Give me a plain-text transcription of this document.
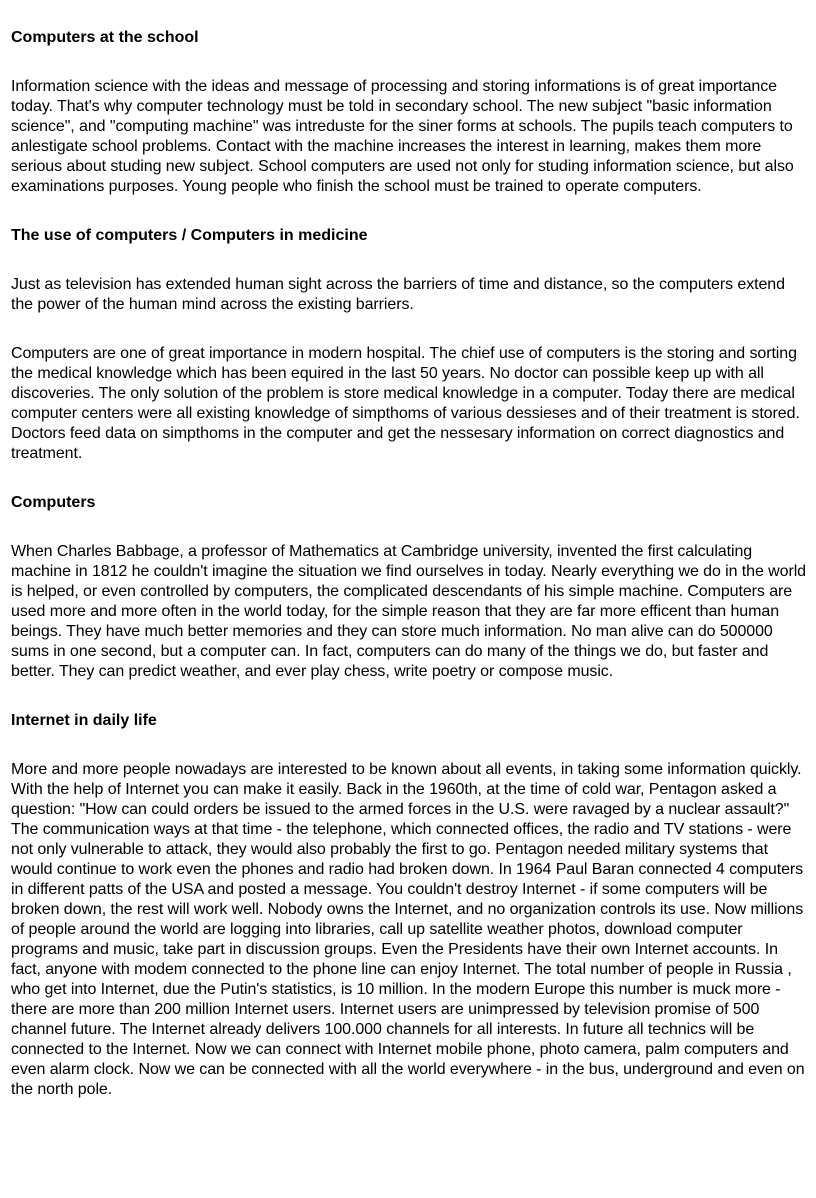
Computers at the school
Information science with the ideas and message of processing and storing informations is of great importance today. That's why computer technology must be told in secondary school. The new subject "basic information science", and "computing machine" was intreduste for the siner forms at schools. The pupils teach computers to anlestigate school problems. Contact with the machine increases the interest in learning, makes them more serious about studing new subject. School computers are used not only for studing information science, but also examinations purposes. Young people who finish the school must be trained to operate computers.
The use of computers / Computers in medicine
Just as television has extended human sight across the barriers of time and distance, so the computers extend the power of the human mind across the existing barriers.
Computers are one of great importance in modern hospital. The chief use of computers is the storing and sorting the medical knowledge which has been equired in the last 50 years. No doctor can possible keep up with all discoveries. The only solution of the problem is store medical knowledge in a computer. Today there are medical computer centers were all existing knowledge of simpthoms of various dessieses and of their treatment is stored. Doctors feed data on simpthoms in the computer and get the nessesary information on correct diagnostics and treatment.
Computers
When Charles Babbage, a professor of Mathematics at Cambridge university, invented the first calculating machine in 1812 he couldn't imagine the situation we find ourselves in today. Nearly everything we do in the world is helped, or even controlled by computers, the complicated descendants of his simple machine. Computers are used more and more often in the world today, for the simple reason that they are far more efficent than human beings. They have much better memories and they can store much information. No man alive can do 500000 sums in one second, but a computer can. In fact, computers can do many of the things we do, but faster and better. They can predict weather, and ever play chess, write poetry or compose music.
Internet in daily life
More and more people nowadays are interested to be known about all events, in taking some information quickly. With the help of Internet you can make it easily. Back in the 1960th, at the time of cold war, Pentagon asked a question: "How can could orders be issued to the armed forces in the U.S. were ravaged by a nuclear assault?" The communication ways at that time - the telephone, which connected offices, the radio and TV stations - were not only vulnerable to attack, they would also probably the first to go. Pentagon needed military systems that would continue to work even the phones and radio had broken down. In 1964 Paul Baran connected 4 computers in different patts of the USA and posted a message. You couldn't destroy Internet - if some computers will be broken down, the rest will work well. Nobody owns the Internet, and no organization controls its use. Now millions of people around the world are logging into libraries, call up satellite weather photos, download computer programs and music, take part in discussion groups. Even the Presidents have their own Internet accounts. In fact, anyone with modem connected to the phone line can enjoy Internet. The total number of people in Russia , who get into Internet, due the Putin's statistics, is 10 million. In the modern Europe this number is muck more - there are more than 200 million Internet users. Internet users are unimpressed by television promise of 500 channel future. The Internet already delivers 100.000 channels for all interests. In future all technics will be connected to the Internet. Now we can connect with Internet mobile phone, photo camera, palm computers and even alarm clock. Now we can be connected with all the world everywhere - in the bus, underground and even on the north pole.
